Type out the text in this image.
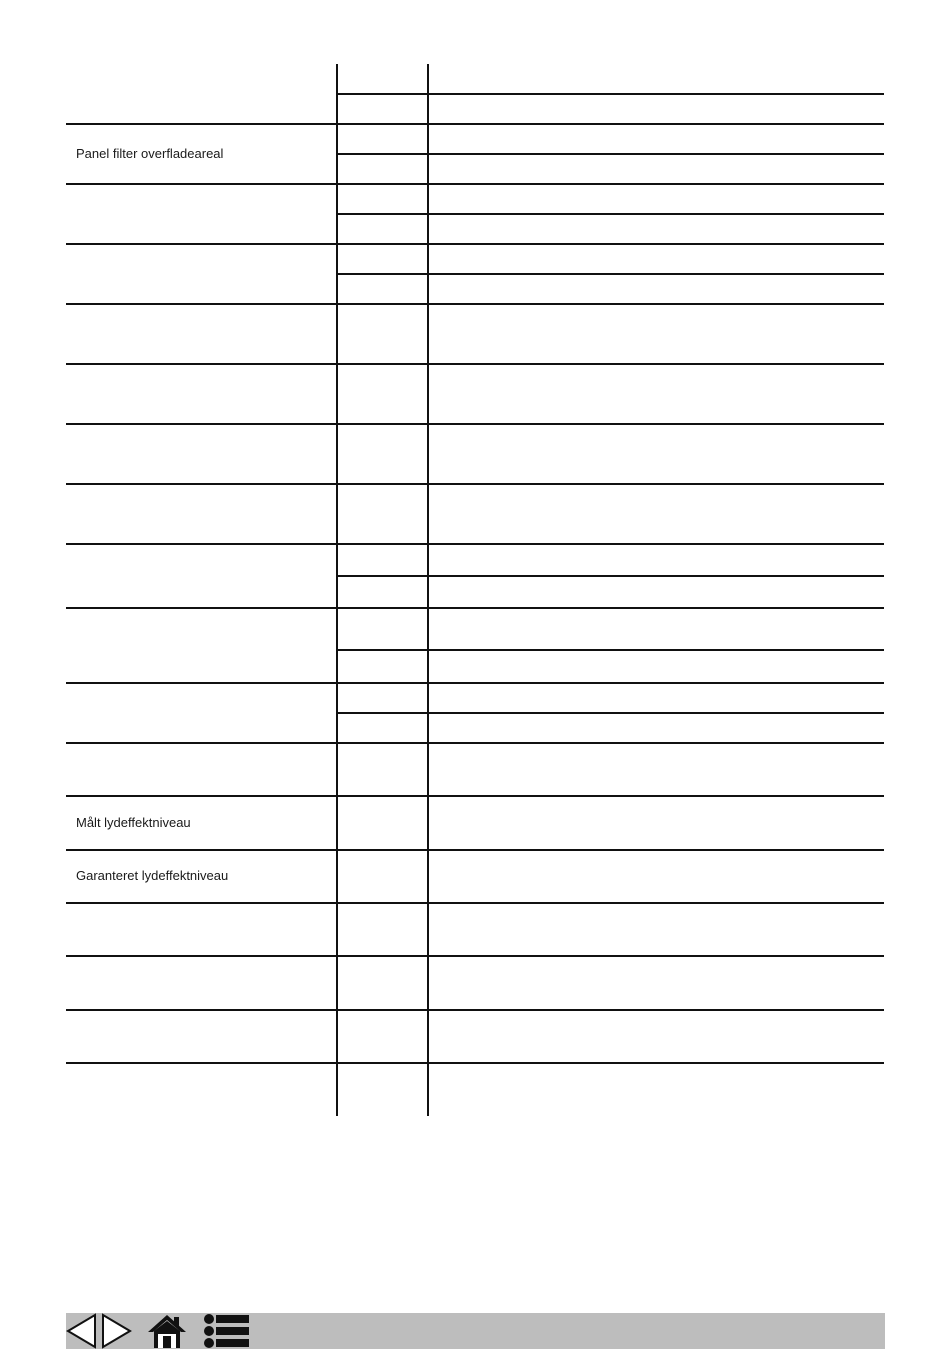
Panel filter overfladeareal
Målt lydeffektniveau
Garanteret lydeffektniveau
